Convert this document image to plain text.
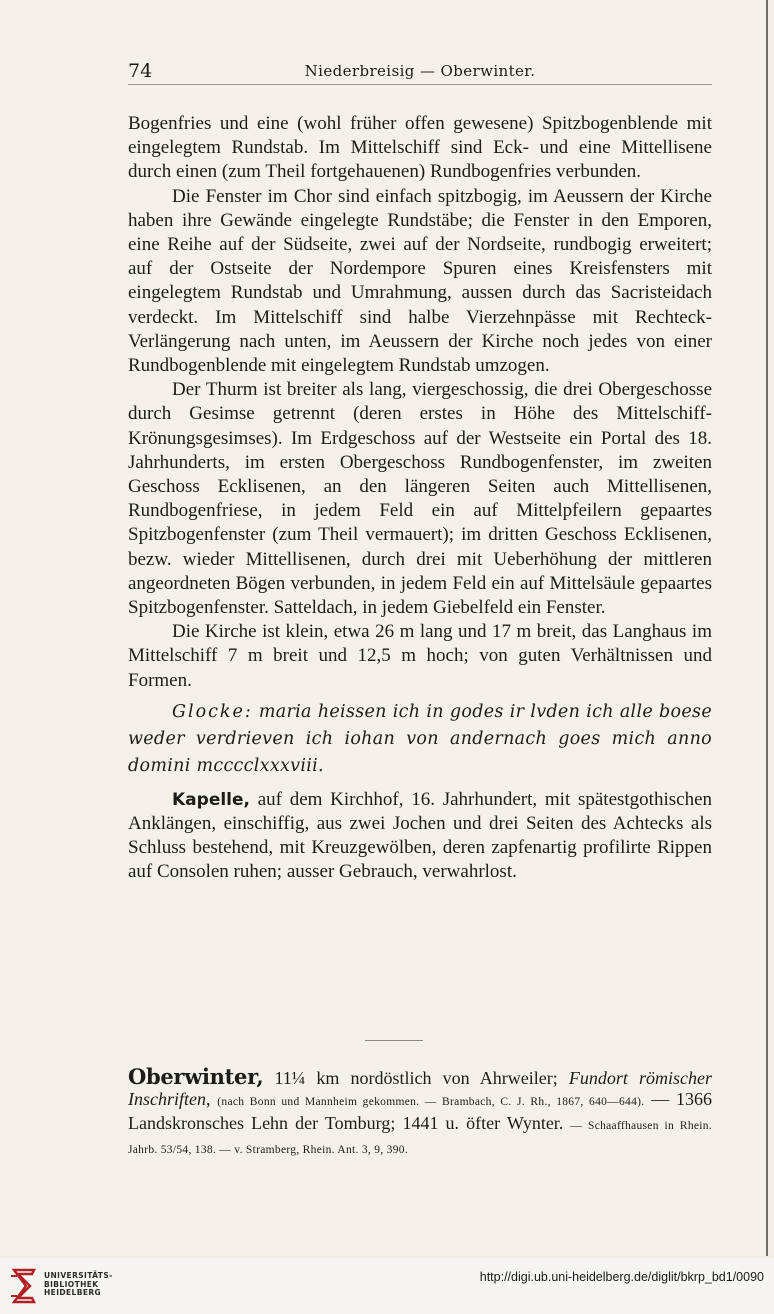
74	Niederbreisig — Oberwinter.

Bogenfries und eine (wohl früher offen gewesene) Spitzbogenblende mit eingelegtem Rundstab. Im Mittelschiff sind Eck- und eine Mittellisene durch einen (zum Theil fortgehauenen) Rundbogenfries verbunden.

Die Fenster im Chor sind einfach spitzbogig, im Aeussern der Kirche haben ihre Gewände eingelegte Rundstäbe; die Fenster in den Emporen, eine Reihe auf der Südseite, zwei auf der Nordseite, rundbogig erweitert; auf der Ostseite der Nordempore Spuren eines Kreisfensters mit eingelegtem Rundstab und Umrahmung, aussen durch das Sacristeidach verdeckt. Im Mittelschiff sind halbe Vierzehnpässe mit Rechteck-Verlängerung nach unten, im Aeussern der Kirche noch jedes von einer Rundbogenblende mit eingelegtem Rundstab umzogen.

Der Thurm ist breiter als lang, viergeschossig, die drei Obergeschosse durch Gesimse getrennt (deren erstes in Höhe des Mittelschiff-Krönungsgesimses). Im Erdgeschoss auf der Westseite ein Portal des 18. Jahrhunderts, im ersten Obergeschoss Rundbogenfenster, im zweiten Geschoss Ecklisenen, an den längeren Seiten auch Mittellisenen, Rundbogenfriese, in jedem Feld ein auf Mittelpfeilern gepaartes Spitzbogenfenster (zum Theil vermauert); im dritten Geschoss Ecklisenen, bezw. wieder Mittellisenen, durch drei mit Ueberhöhung der mittleren angeordneten Bögen verbunden, in jedem Feld ein auf Mittelsäule gepaartes Spitzbogenfenster. Satteldach, in jedem Giebelfeld ein Fenster.

Die Kirche ist klein, etwa 26 m lang und 17 m breit, das Langhaus im Mittelschiff 7 m breit und 12,5 m hoch; von guten Verhältnissen und Formen.

Glocke: maria heissen ich in godes ir lvden ich alle boese weder verdrieven ich iohan von andernach goes mich anno domini mcccclxxxviii.

Kapelle, auf dem Kirchhof, 16. Jahrhundert, mit spätestgothischen Anklängen, einschiffig, aus zwei Jochen und drei Seiten des Achtecks als Schluss bestehend, mit Kreuzgewölben, deren zapfenartig profilirte Rippen auf Consolen ruhen; ausser Gebrauch, verwahrlost.

Oberwinter, 11¼ km nordöstlich von Ahrweiler; Fundort römischer Inschriften, (nach Bonn und Mannheim gekommen. — Brambach, C. J. Rh., 1867, 640—644). — 1366 Landskronsches Lehn der Tomburg; 1441 u. öfter Wynter. — Schaaffhausen in Rhein. Jahrb. 53/54, 138. — v. Stramberg, Rhein. Ant. 3, 9, 390.
UNIVERSITÄTS-
BIBLIOTHEK
HEIDELBERG
http://digi.ub.uni-heidelberg.de/diglit/bkrp_bd1/0090
